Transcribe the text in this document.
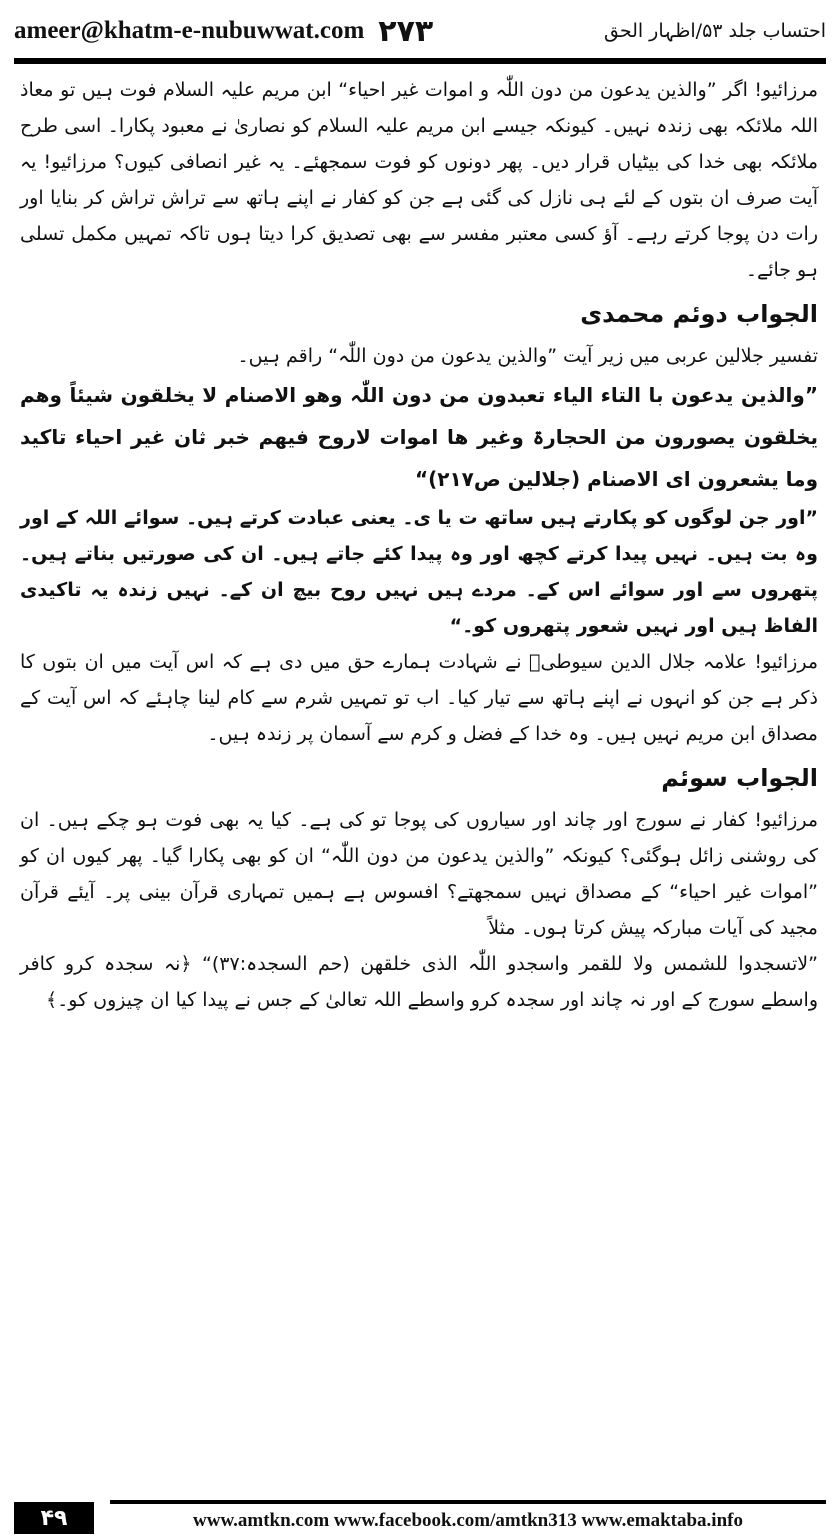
ameer@khatm-e-nubuwwat.com ۲۷۳	احتساب جلد ۵۳/اظہار الحق

مرزائیو! اگر ”والذین یدعون من دون اللّٰہ و اموات غیر احیاء“ ابن مریم علیہ السلام فوت ہیں تو معاذ اللہ ملائکہ بھی زندہ نہیں۔ کیونکہ جیسے ابن مریم علیہ السلام کو نصاریٰ نے معبود پکارا۔ اسی طرح ملائکہ بھی خدا کی بیٹیاں قرار دیں۔ پھر دونوں کو فوت سمجھئے۔ یہ غیر انصافی کیوں؟ مرزائیو! یہ آیت صرف ان بتوں کے لئے ہی نازل کی گئی ہے جن کو کفار نے اپنے ہاتھ سے تراش تراش کر بنایا اور رات دن پوجا کرتے رہے۔ آؤ کسی معتبر مفسر سے بھی تصدیق کرا دیتا ہوں تاکہ تمہیں مکمل تسلی ہو جائے۔

الجواب دوئم محمدی

تفسیر جلالین عربی میں زیر آیت ”والذین یدعون من دون اللّٰہ“ راقم ہیں۔

”والذین یدعون با التاء الیاء تعبدون من دون اللّٰہ وھو الاصنام لا یخلقون شیئاً وھم یخلقون یصورون من الحجارۃ وغیر ھا اموات لاروح فیھم خبر ثان غیر احیاء تاکید وما یشعرون ای الاصنام (جلالین ص۲۱۷)“

”اور جن لوگوں کو پکارتے ہیں ساتھ ت یا ی۔ یعنی عبادت کرتے ہیں۔ سوائے اللہ کے اور وہ بت ہیں۔ نہیں پیدا کرتے کچھ اور وہ پیدا کئے جاتے ہیں۔ ان کی صورتیں بناتے ہیں۔ پتھروں سے اور سوائے اس کے۔ مردے ہیں نہیں روح بیچ ان کے۔ نہیں زندہ یہ تاکیدی الفاظ ہیں اور نہیں شعور پتھروں کو۔“

مرزائیو! علامہ جلال الدین سیوطیؒ نے شہادت ہمارے حق میں دی ہے کہ اس آیت میں ان بتوں کا ذکر ہے جن کو انہوں نے اپنے ہاتھ سے تیار کیا۔ اب تو تمہیں شرم سے کام لینا چاہئے کہ اس آیت کے مصداق ابن مریم نہیں ہیں۔ وہ خدا کے فضل و کرم سے آسمان پر زندہ ہیں۔

الجواب سوئم

مرزائیو! کفار نے سورج اور چاند اور سیاروں کی پوجا تو کی ہے۔ کیا یہ بھی فوت ہو چکے ہیں۔ ان کی روشنی زائل ہوگئی؟ کیونکہ ”والذین یدعون من دون اللّٰہ“ ان کو بھی پکارا گیا۔ پھر کیوں ان کو ”اموات غیر احیاء“ کے مصداق نہیں سمجھتے؟ افسوس ہے ہمیں تمہاری قرآن بینی پر۔ آیئے قرآن مجید کی آیات مبارکہ پیش کرتا ہوں۔ مثلاً

”لاتسجدوا للشمس ولا للقمر واسجدو اللّٰہ الذی خلقھن (حم السجدہ:۳۷)“ ﴿نہ سجدہ کرو کافر واسطے سورج کے اور نہ چاند اور سجدہ کرو واسطے اللہ تعالیٰ کے جس نے پیدا کیا ان چیزوں کو۔﴾

۴۹	www.amtkn.com www.facebook.com/amtkn313 www.emaktaba.info
